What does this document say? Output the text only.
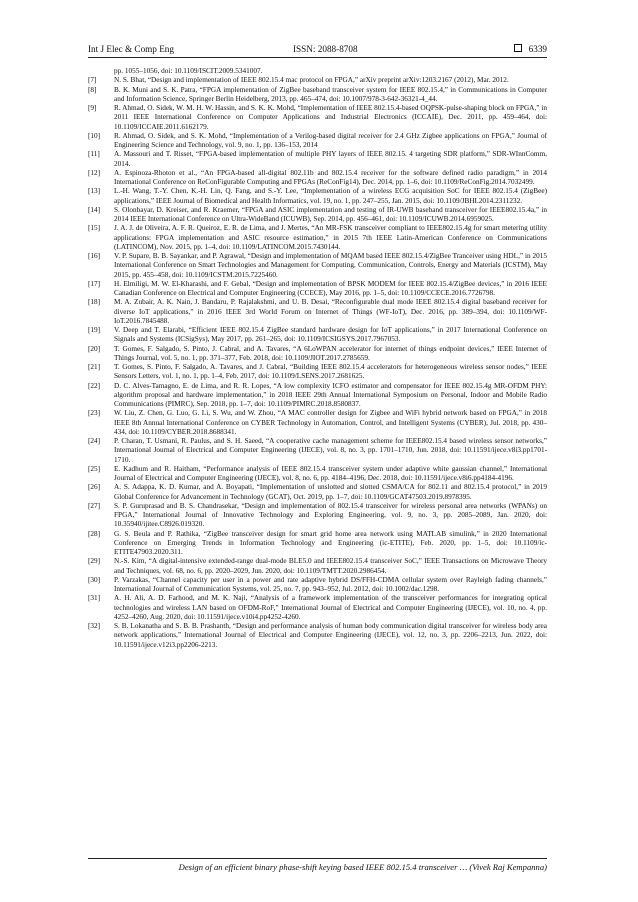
Int J Elec & Comp Eng	ISSN: 2088-8708	6339
pp. 1055–1056, doi: 10.1109/ISCIT.2009.5341007.
[7] N. S. Bhat, “Design and implementation of IEEE 802.15.4 mac protocol on FPGA,” arXiv preprint arXiv:1203.2167 (2012), Mar. 2012.
[8] B. K. Muni and S. K. Patra, “FPGA implementation of ZigBee baseband transceiver system for IEEE 802.15.4,” in Communications in Computer and Information Science, Springer Berlin Heidelberg, 2013, pp. 465–474, doi: 10.1007/978-3-642-36321-4_44.
[9] R. Ahmad, O. Sidek, W. M. H. W. Hassin, and S. K. K. Mohd, “Implementation of IEEE 802.15.4-based OQPSK-pulse-shaping block on FPGA,” in 2011 IEEE International Conference on Computer Applications and Industrial Electronics (ICCAIE), Dec. 2011, pp. 459–464, doi: 10.1109/ICCAIE.2011.6162179.
[10] R. Ahmad, O. Sidek, and S. K. Mohd, “Implementation of a Verilog-based digital receiver for 2.4 GHz Zigbee applications on FPGA,” Journal of Engineering Science and Technology, vol. 9, no. 1, pp. 136–153, 2014
[11] A. Massouri and T. Risset, “FPGA-based implementation of multiple PHY layers of IEEE 802.15. 4 targeting SDR platform,” SDR-WInnComm, 2014.
[12] A. Espinoza-Rhoton et al., “An FPGA-based all-digital 802.11b and 802.15.4 receiver for the software defined radio paradigm,” in 2014 International Conference on ReConFigurable Computing and FPGAs (ReConFig14), Dec. 2014, pp. 1–6, doi: 10.1109/ReConFig.2014.7032499.
[13] L.-H. Wang, T.-Y. Chen, K.-H. Lin, Q. Fang, and S.-Y. Lee, “Implementation of a wireless ECG acquisition SoC for IEEE 802.15.4 (ZigBee) applications,” IEEE Journal of Biomedical and Health Informatics, vol. 19, no. 1, pp. 247–255, Jan. 2015, doi: 10.1109/JBHI.2014.2311232.
[14] S. Olonbayar, D. Kreiser, and R. Kraemer, “FPGA and ASIC implementation and testing of IR-UWB baseband transceiver for IEEE802.15.4a,” in 2014 IEEE International Conference on Ultra-WideBand (ICUWB), Sep. 2014, pp. 456–461, doi: 10.1109/ICUWB.2014.6959025.
[15] J. A. J. de Oliveira, A. F. R. Queiroz, E. R. de Lima, and J. Mertes, “An MR-FSK transceiver compliant to IEEE802.15.4g for smart metering utility applications: FPGA implementation and ASIC resource estimation,” in 2015 7th IEEE Latin-American Conference on Communications (LATINCOM), Nov. 2015, pp. 1–4, doi: 10.1109/LATINCOM.2015.7430144.
[16] V. P. Supare, B. B. Sayankar, and P. Agrawal, “Design and implementation of MQAM based IEEE 802.15.4/ZigBee Tranceiver using HDL,” in 2015 International Conference on Smart Technologies and Management for Computing, Communication, Controls, Energy and Materials (ICSTM), May 2015, pp. 455–458, doi: 10.1109/ICSTM.2015.7225460.
[17] H. Elmiligi, M. W. El-Kharashi, and F. Gebal, “Design and implementation of BPSK MODEM for IEEE 802.15.4/ZigBee devices,” in 2016 IEEE Canadian Conference on Electrical and Computer Engineering (CCECE), May 2016, pp. 1–5, doi: 10.1109/CCECE.2016.7726798.
[18] M. A. Zubair, A. K. Nain, J. Bandaru, P. Rajalakshmi, and U. B. Desai, “Reconfigurable dual mode IEEE 802.15.4 digital baseband receiver for diverse IoT applications,” in 2016 IEEE 3rd World Forum on Internet of Things (WF-IoT), Dec. 2016, pp. 389–394, doi: 10.1109/WF-IoT.2016.7845488.
[19] V. Deep and T. Elarabi, “Efficient IEEE 802.15.4 ZigBee standard hardware design for IoT applications,” in 2017 International Conference on Signals and Systems (ICSigSys), May 2017, pp. 261–265, doi: 10.1109/ICSIGSYS.2017.7967053.
[20] T. Gomes, F. Salgado, S. Pinto, J. Cabral, and A. Tavares, “A 6LoWPAN accelerator for internet of things endpoint devices,” IEEE Internet of Things Journal, vol. 5, no. 1, pp. 371–377, Feb. 2018, doi: 10.1109/JIOT.2017.2785659.
[21] T. Gomes, S. Pinto, F. Salgado, A. Tavares, and J. Cabral, “Building IEEE 802.15.4 accelerators for heterogeneous wireless sensor nodes,” IEEE Sensors Letters, vol. 1, no. 1, pp. 1–4, Feb. 2017, doi: 10.1109/LSENS.2017.2681625.
[22] D. C. Alves-Tamagno, E. de Lima, and R. R. Lopes, “A low complexity ICFO estimator and compensator for IEEE 802.15.4g MR-OFDM PHY: algorithm proposal and hardware implementation,” in 2018 IEEE 29th Annual International Symposium on Personal, Indoor and Mobile Radio Communications (PIMRC), Sep. 2018, pp. 1–7, doi: 10.1109/PIMRC.2018.8580837.
[23] W. Liu, Z. Chen, G. Luo, G. Li, S. Wu, and W. Zhou, “A MAC controller design for Zigbee and WiFi hybrid network based on FPGA,” in 2018 IEEE 8th Annual International Conference on CYBER Technology in Automation, Control, and Intelligent Systems (CYBER), Jul. 2018, pp. 430–434, doi: 10.1109/CYBER.2018.8688341.
[24] P. Charan, T. Usmani, R. Paulus, and S. H. Saeed, “A cooperative cache management scheme for IEEE802.15.4 based wireless sensor networks,” International Journal of Electrical and Computer Engineering (IJECE), vol. 8, no. 3, pp. 1701–1710, Jun. 2018, doi: 10.11591/ijece.v8i3.pp1701-1710.
[25] E. Kadhum and R. Haitham, “Performance analysis of IEEE 802.15.4 transceiver system under adaptive white gaussian channel,” International Journal of Electrical and Computer Engineering (IJECE), vol. 8, no. 6, pp. 4184–4196, Dec. 2018, doi: 10.11591/ijece.v8i6.pp4184-4196.
[26] A. S. Adappa, K. D. Kumar, and A. Boyapati, “Implementation of unslotted and slotted CSMA/CA for 802.11 and 802.15.4 protocol,” in 2019 Global Conference for Advancement in Technology (GCAT), Oct. 2019, pp. 1–7, doi: 10.1109/GCAT47503.2019.8978395.
[27] S. P. Guruprasad and B. S. Chandrasekar, “Design and implementation of 802.15.4 transceiver for wireless personal area networks (WPANs) on FPGA,” International Journal of Innovative Technology and Exploring Engineering, vol. 9, no. 3, pp. 2085–2089, Jan. 2020, doi: 10.35940/ijitee.C8926.019320.
[28] G. S. Beula and P. Rathika, “ZigBee transceiver design for smart grid home area network using MATLAB simulink,” in 2020 International Conference on Emerging Trends in Information Technology and Engineering (ic-ETITE), Feb. 2020, pp. 1–5, doi: 10.1109/ic-ETITE47903.2020.311.
[29] N.-S. Kim, “A digital-intensive extended-range dual-mode BLE5.0 and IEEE802.15.4 transceiver SoC,” IEEE Transactions on Microwave Theory and Techniques, vol. 68, no. 6, pp. 2020–2029, Jun. 2020, doi: 10.1109/TMTT.2020.2986454.
[30] P. Varzakas, “Channel capacity per user in a power and rate adaptive hybrid DS/FFH-CDMA cellular system over Rayleigh fading channels,” International Journal of Communication Systems, vol. 25, no. 7, pp. 943–952, Jul. 2012, doi: 10.1002/dac.1298.
[31] A. H. Ali, A. D. Farhood, and M. K. Naji, “Analysis of a framework implementation of the transceiver performances for integrating optical technologies and wireless LAN based on OFDM-RoF,” International Journal of Electrical and Computer Engineering (IJECE), vol. 10, no. 4, pp. 4252–4260, Aug. 2020, doi: 10.11591/ijece.v10i4.pp4252-4260.
[32] S. B. Lokanatha and S. B. B. Prashanth, “Design and performance analysis of human body communication digital transceiver for wireless body area network applications,” International Journal of Electrical and Computer Engineering (IJECE), vol. 12, no. 3, pp. 2206–2213, Jun. 2022, doi: 10.11591/ijece.v12i3.pp2206-2213.
Design of an efficient binary phase-shift keying based IEEE 802.15.4 transceiver … (Vivek Raj Kempanna)
